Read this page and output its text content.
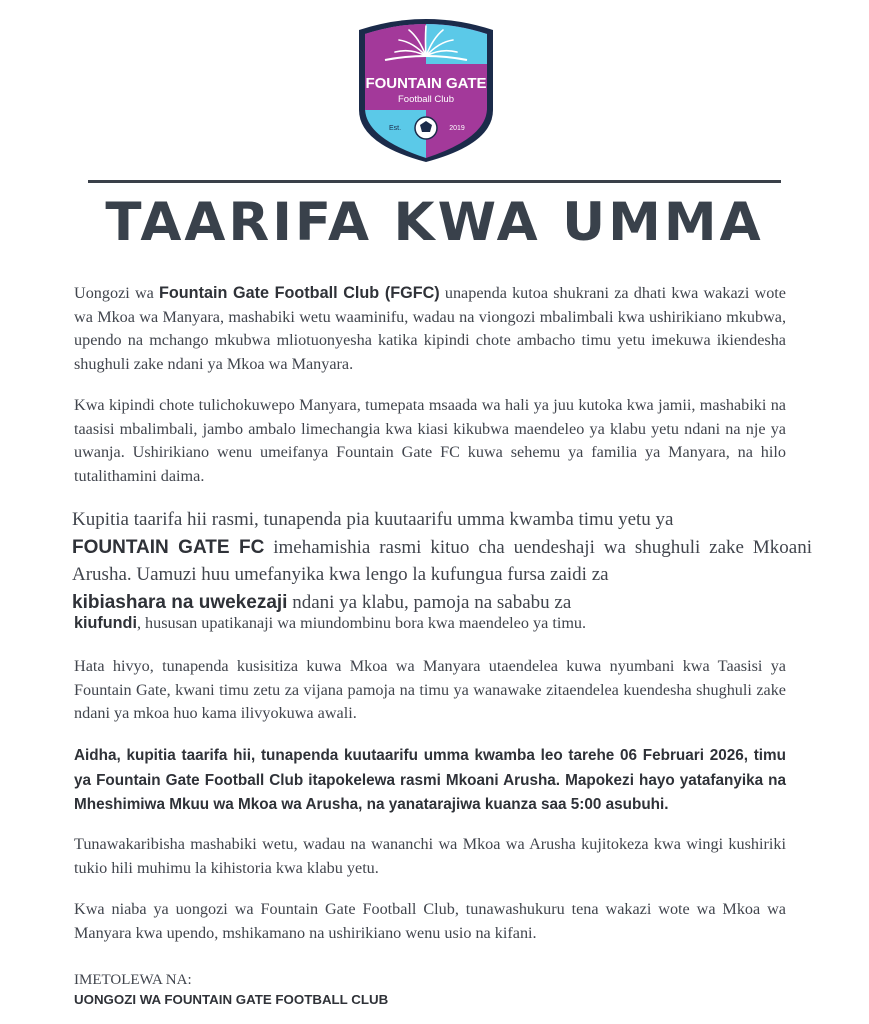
FOUNTAIN GATE
Football Club
Est.	2019
TAARIFA KWA UMMA
Uongozi wa Fountain Gate Football Club (FGFC) unapenda kutoa shukrani za dhati kwa wakazi wote wa Mkoa wa Manyara, mashabiki wetu waaminifu, wadau na viongozi mbalimbali kwa ushirikiano mkubwa, upendo na mchango mkubwa mliotuonyesha katika kipindi chote ambacho timu yetu imekuwa ikiendesha shughuli zake ndani ya Mkoa wa Manyara.
Kwa kipindi chote tulichokuwepo Manyara, tumepata msaada wa hali ya juu kutoka kwa jamii, mashabiki na taasisi mbalimbali, jambo ambalo limechangia kwa kiasi kikubwa maendeleo ya klabu yetu ndani na nje ya uwanja. Ushirikiano wenu umeifanya Fountain Gate FC kuwa sehemu ya familia ya Manyara, na hilo tutalithamini daima.
Kupitia taarifa hii rasmi, tunapenda pia kuutaarifu umma kwamba timu yetu ya
FOUNTAIN GATE FC imehamishia rasmi kituo cha uendeshaji wa shughuli zake Mkoani Arusha. Uamuzi huu umefanyika kwa lengo la kufungua fursa zaidi za
kibiashara na uwekezaji ndani ya klabu, pamoja na sababu za
kiufundi, hususan upatikanaji wa miundombinu bora kwa maendeleo ya timu.
Hata hivyo, tunapenda kusisitiza kuwa Mkoa wa Manyara utaendelea kuwa nyumbani kwa Taasisi ya Fountain Gate, kwani timu zetu za vijana pamoja na timu ya wanawake zitaendelea kuendesha shughuli zake ndani ya mkoa huo kama ilivyokuwa awali.
Aidha, kupitia taarifa hii, tunapenda kuutaarifu umma kwamba leo tarehe 06 Februari 2026, timu ya Fountain Gate Football Club itapokelewa rasmi Mkoani Arusha. Mapokezi hayo yatafanyika na Mheshimiwa Mkuu wa Mkoa wa Arusha, na yanatarajiwa kuanza saa 5:00 asubuhi.
Tunawakaribisha mashabiki wetu, wadau na wananchi wa Mkoa wa Arusha kujitokeza kwa wingi kushiriki tukio hili muhimu la kihistoria kwa klabu yetu.
Kwa niaba ya uongozi wa Fountain Gate Football Club, tunawashukuru tena wakazi wote wa Mkoa wa Manyara kwa upendo, mshikamano na ushirikiano wenu usio na kifani.
IMETOLEWA NA:
UONGOZI WA FOUNTAIN GATE FOOTBALL CLUB
